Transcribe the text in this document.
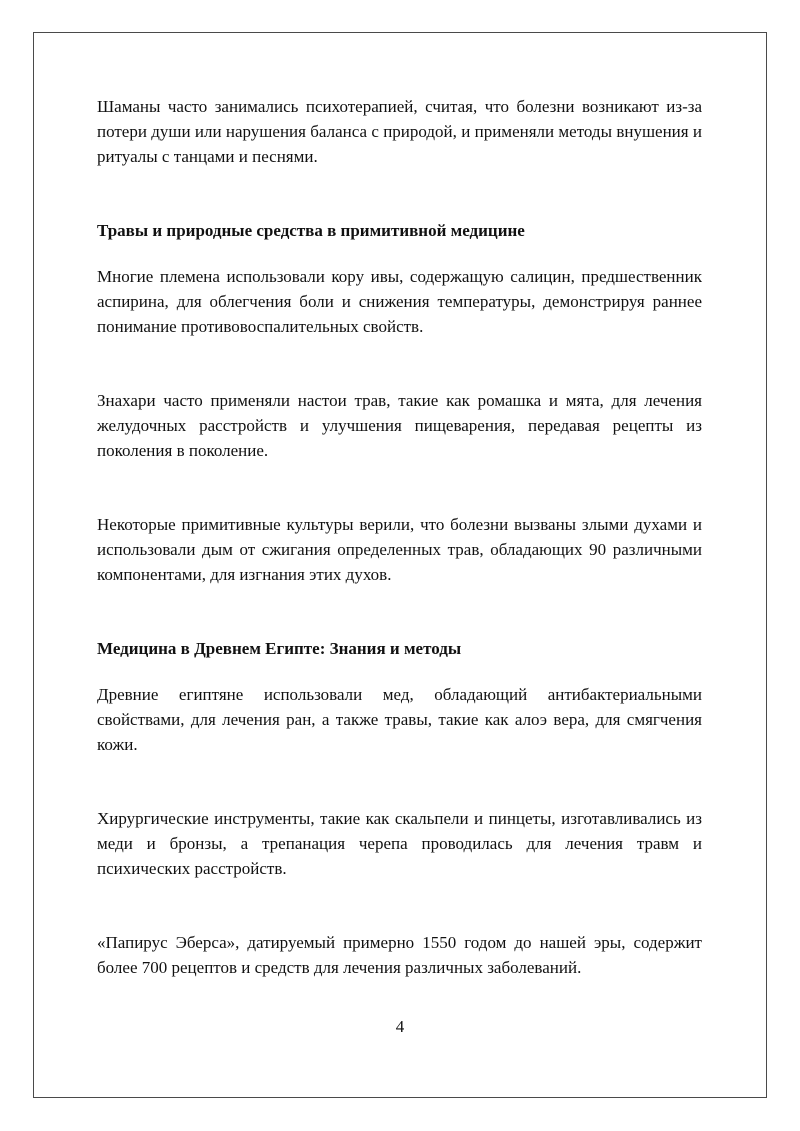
Шаманы часто занимались психотерапией, считая, что болезни возникают из-за потери души или нарушения баланса с природой, и применяли методы внушения и ритуалы с танцами и песнями.

Травы и природные средства в примитивной медицине

Многие племена использовали кору ивы, содержащую салицин, предшественник аспирина, для облегчения боли и снижения температуры, демонстрируя раннее понимание противовоспалительных свойств.

Знахари часто применяли настои трав, такие как ромашка и мята, для лечения желудочных расстройств и улучшения пищеварения, передавая рецепты из поколения в поколение.

Некоторые примитивные культуры верили, что болезни вызваны злыми духами и использовали дым от сжигания определенных трав, обладающих 90 различными компонентами, для изгнания этих духов.

Медицина в Древнем Египте: Знания и методы

Древние египтяне использовали мед, обладающий антибактериальными свойствами, для лечения ран, а также травы, такие как алоэ вера, для смягчения кожи.

Хирургические инструменты, такие как скальпели и пинцеты, изготавливались из меди и бронзы, а трепанация черепа проводилась для лечения травм и психических расстройств.

«Папирус Эберса», датируемый примерно 1550 годом до нашей эры, содержит более 700 рецептов и средств для лечения различных заболеваний.

4
